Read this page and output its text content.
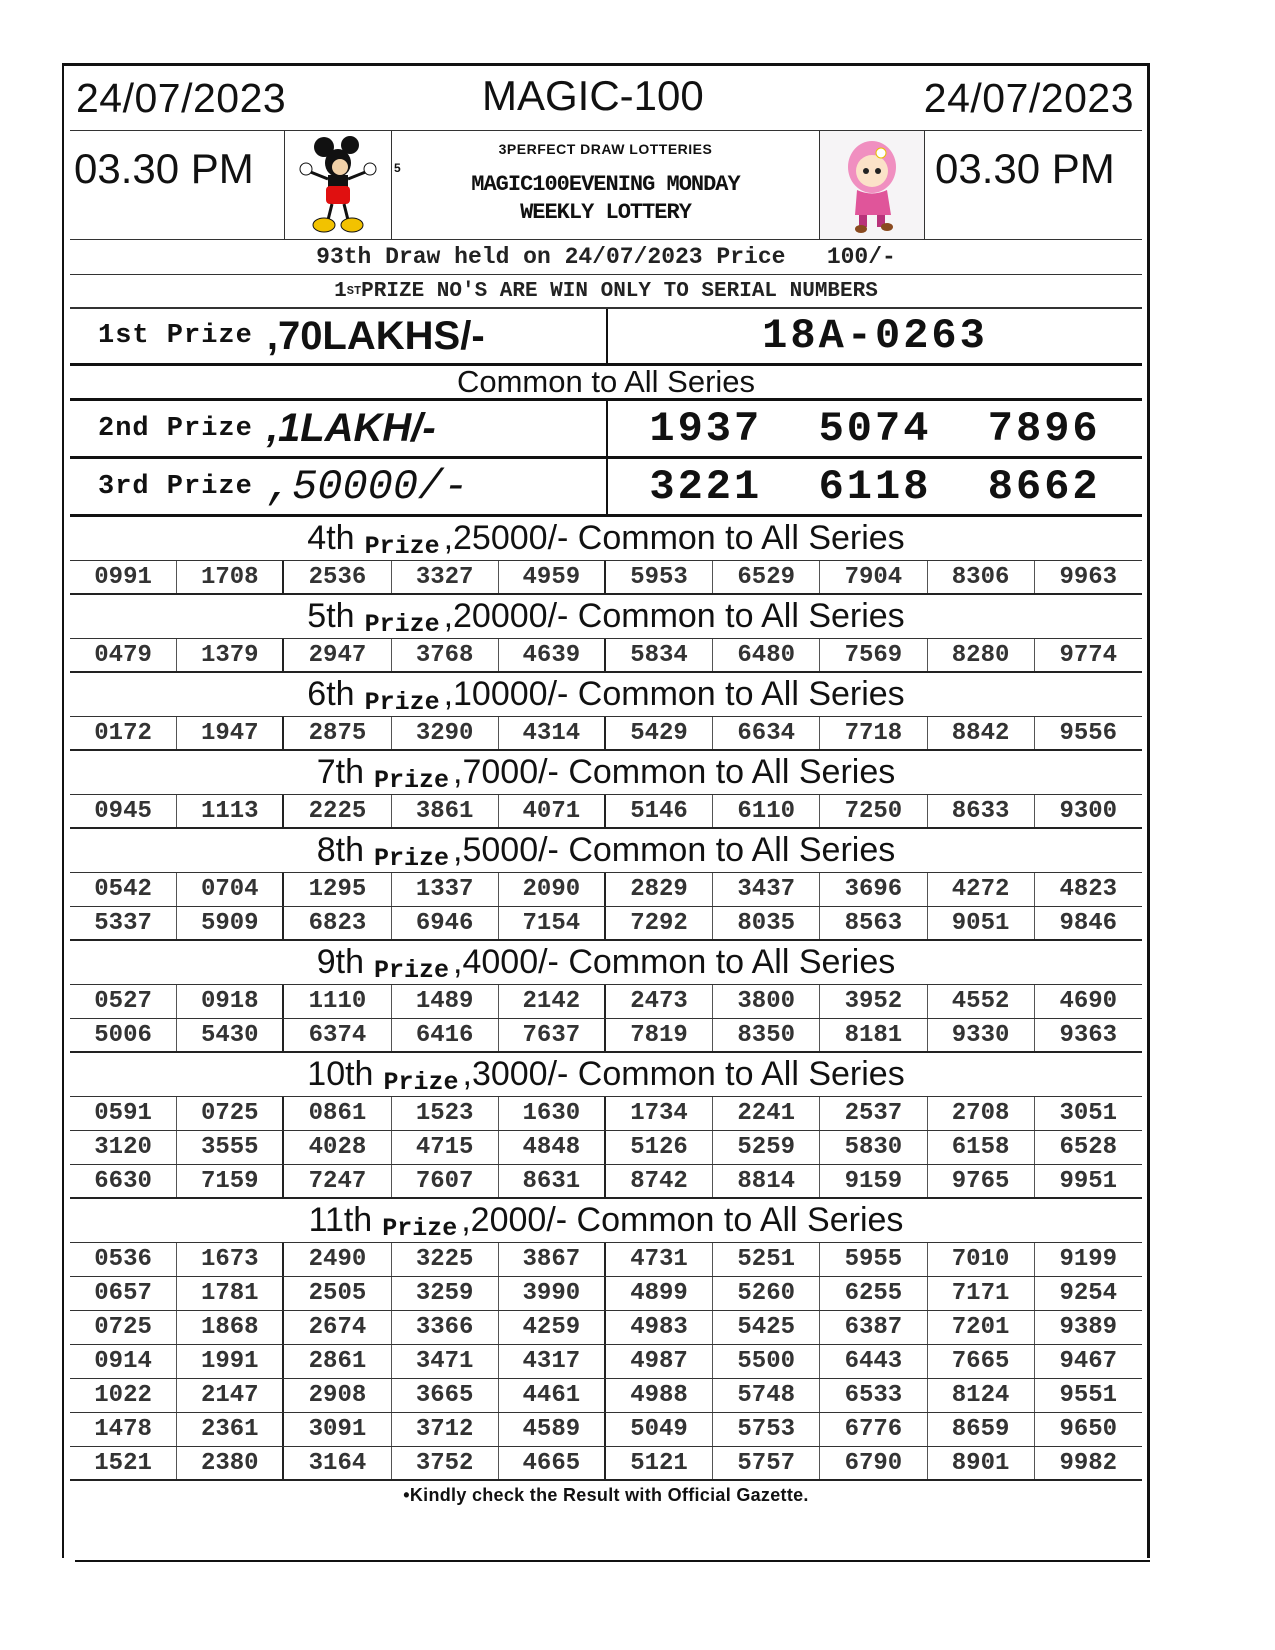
24/07/2023	MAGIC-100	24/07/2023
03.30 PM	5
3PERFECT DRAW LOTTERIES
MAGIC100EVENING MONDAY
WEEKLY LOTTERY
03.30 PM
93th Draw held on 24/07/2023 Price   100/-
1 ST PRIZE NO'S ARE WIN ONLY TO SERIAL NUMBERS
1st Prize ,70LAKHS/-	18A-0263
Common to All Series
2nd Prize ,1LAKH/-	1937  5074  7896
3rd Prize ,50000/-	3221  6118  8662
4th Prize ,25000/- Common to All Series
0991	1708	2536	3327	4959	5953	6529	7904	8306	9963
5th Prize ,20000/- Common to All Series
0479	1379	2947	3768	4639	5834	6480	7569	8280	9774
6th Prize ,10000/- Common to All Series
0172	1947	2875	3290	4314	5429	6634	7718	8842	9556
7th Prize ,7000/- Common to All Series
0945	1113	2225	3861	4071	5146	6110	7250	8633	9300
8th Prize ,5000/- Common to All Series
0542	0704	1295	1337	2090	2829	3437	3696	4272	4823
5337	5909	6823	6946	7154	7292	8035	8563	9051	9846
9th Prize ,4000/- Common to All Series
0527	0918	1110	1489	2142	2473	3800	3952	4552	4690
5006	5430	6374	6416	7637	7819	8350	8181	9330	9363
10th Prize ,3000/- Common to All Series
0591	0725	0861	1523	1630	1734	2241	2537	2708	3051
3120	3555	4028	4715	4848	5126	5259	5830	6158	6528
6630	7159	7247	7607	8631	8742	8814	9159	9765	9951
11th Prize ,2000/- Common to All Series
0536	1673	2490	3225	3867	4731	5251	5955	7010	9199
0657	1781	2505	3259	3990	4899	5260	6255	7171	9254
0725	1868	2674	3366	4259	4983	5425	6387	7201	9389
0914	1991	2861	3471	4317	4987	5500	6443	7665	9467
1022	2147	2908	3665	4461	4988	5748	6533	8124	9551
1478	2361	3091	3712	4589	5049	5753	6776	8659	9650
1521	2380	3164	3752	4665	5121	5757	6790	8901	9982
•Kindly check the Result with Official Gazette.
